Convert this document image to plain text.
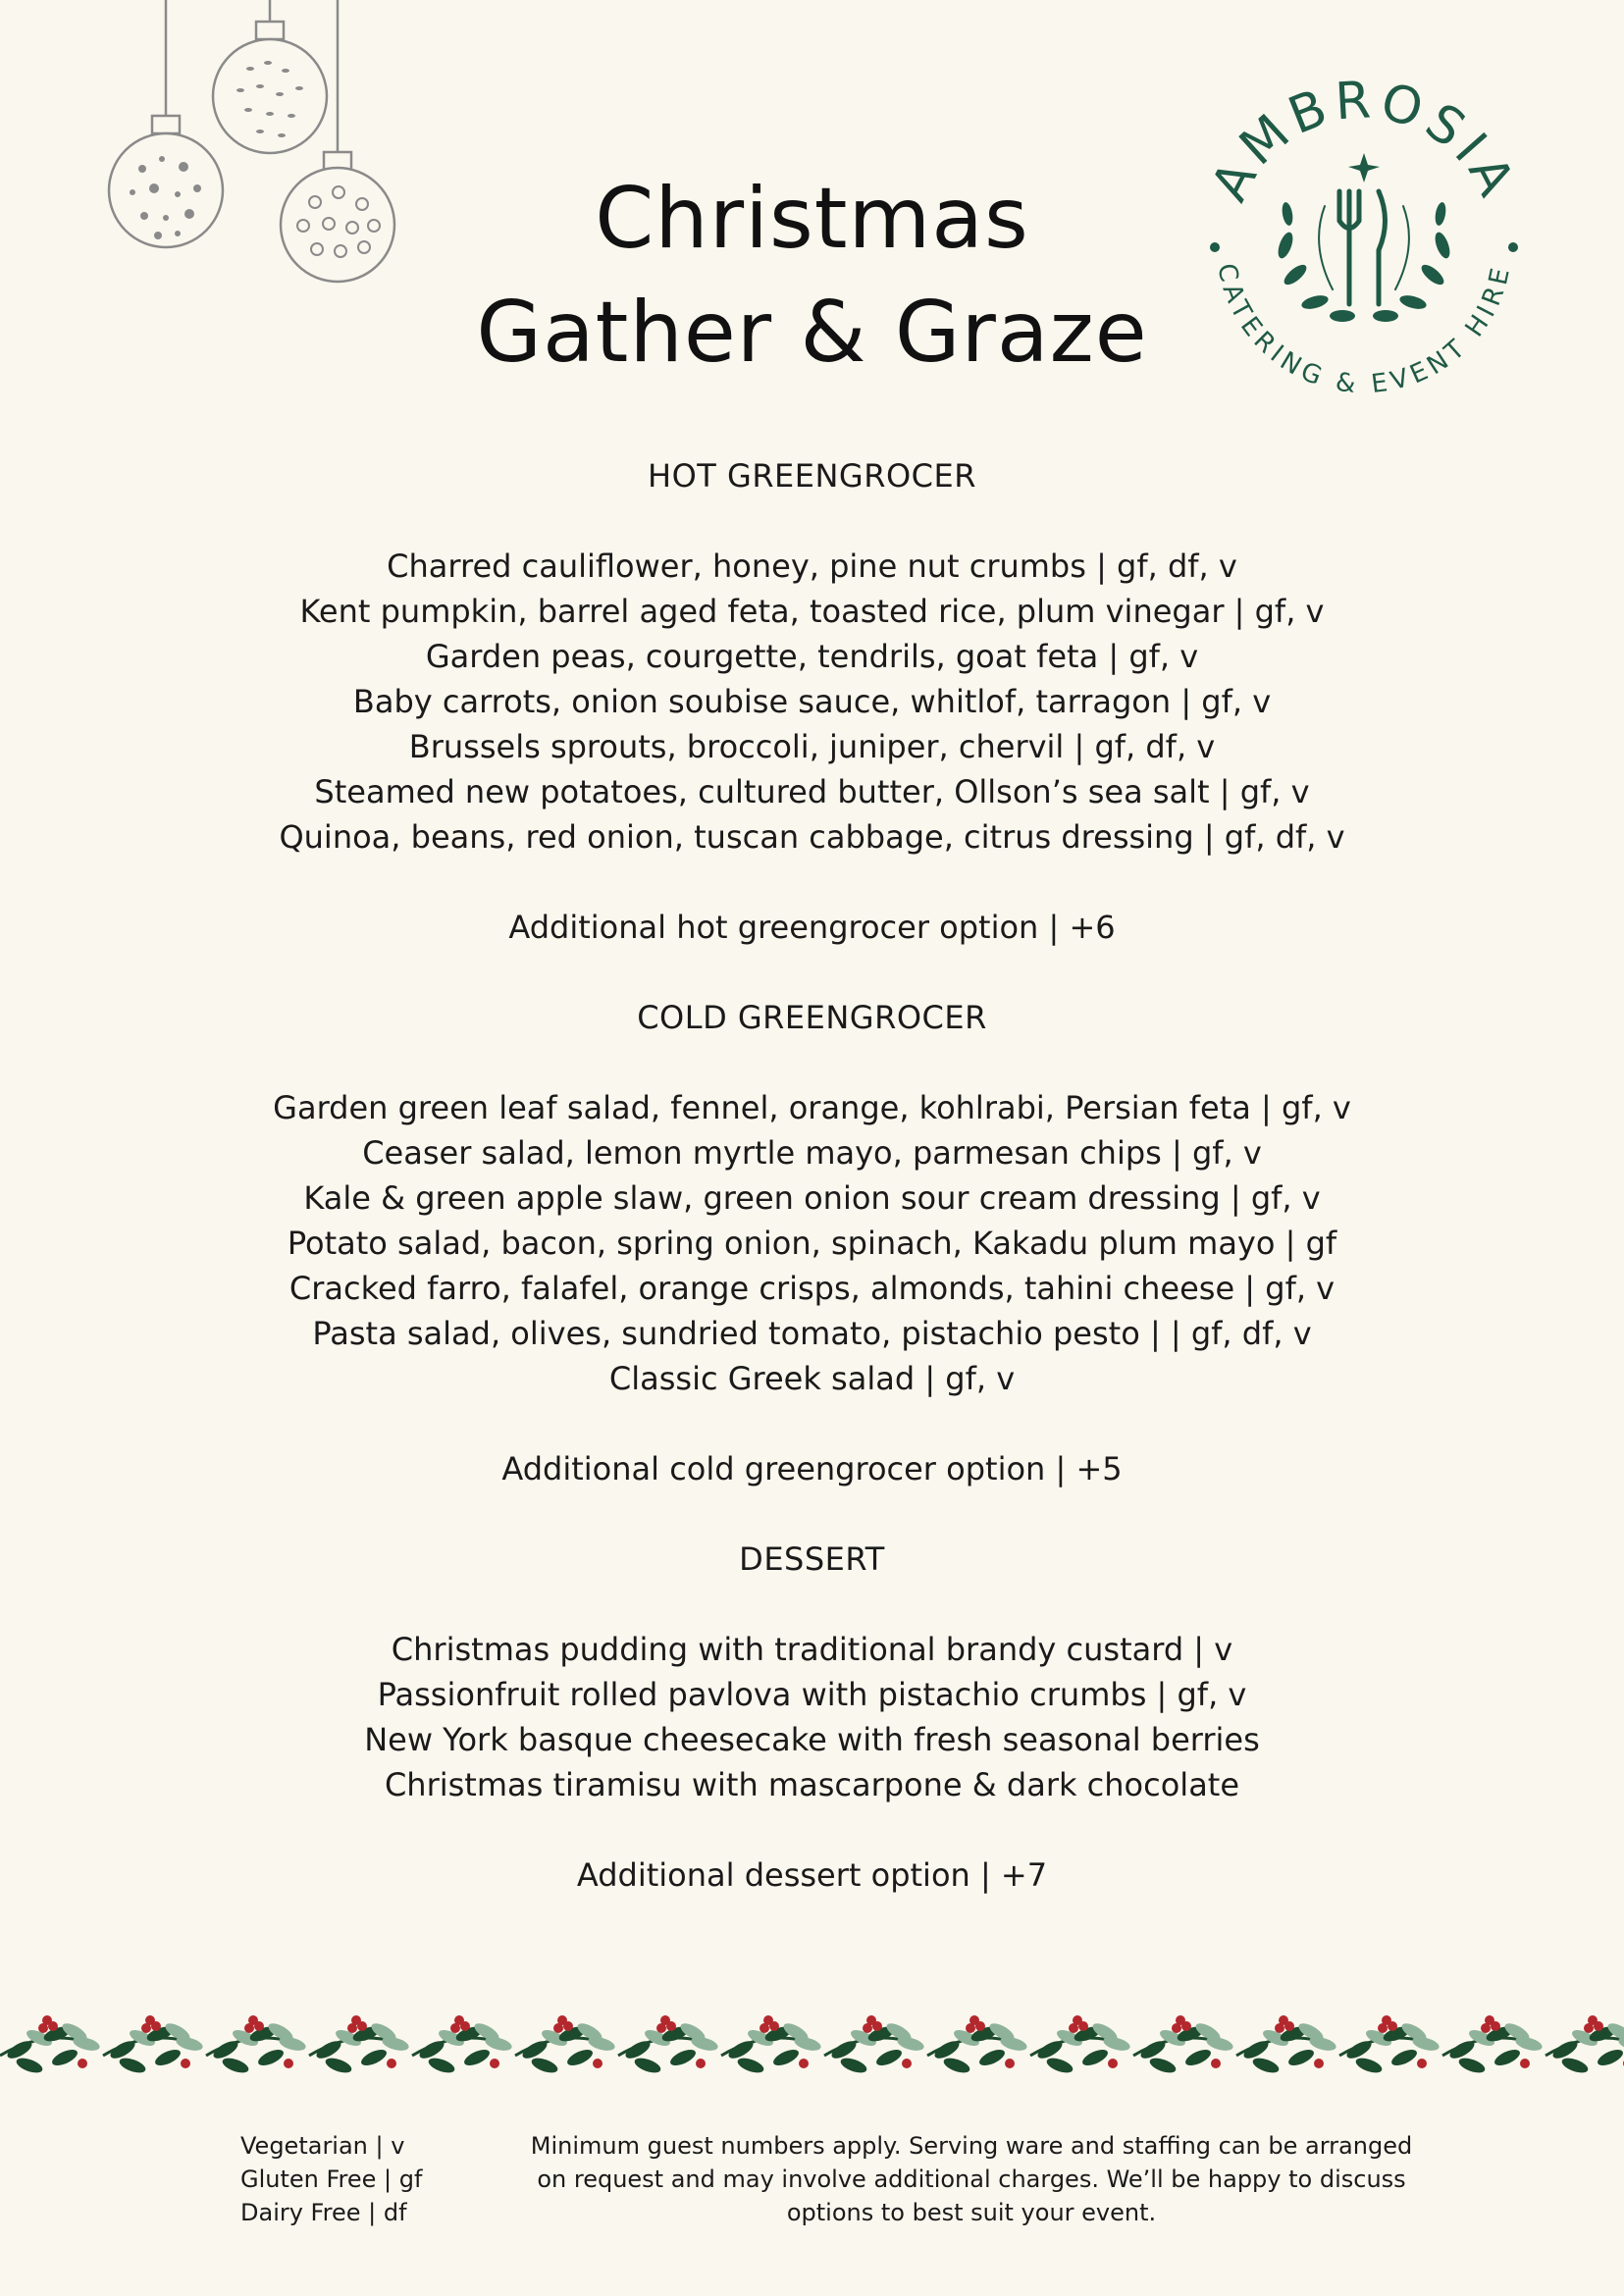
AMBROSIA
CATERING & EVENT HIRE
Christmas
Gather & Graze
HOT GREENGROCER
Charred cauliflower, honey, pine nut crumbs | gf, df, v
Kent pumpkin, barrel aged feta, toasted rice, plum vinegar | gf, v
Garden peas, courgette, tendrils, goat feta | gf, v
Baby carrots, onion soubise sauce, whitlof, tarragon | gf, v
Brussels sprouts, broccoli, juniper, chervil | gf, df, v
Steamed new potatoes, cultured butter, Ollson’s sea salt | gf, v
Quinoa, beans, red onion, tuscan cabbage, citrus dressing | gf, df, v
Additional hot greengrocer option | +6
COLD GREENGROCER
Garden green leaf salad, fennel, orange, kohlrabi, Persian feta | gf, v
Ceaser salad, lemon myrtle mayo, parmesan chips | gf, v
Kale & green apple slaw, green onion sour cream dressing | gf, v
Potato salad, bacon, spring onion, spinach, Kakadu plum mayo | gf
Cracked farro, falafel, orange crisps, almonds, tahini cheese | gf, v
Pasta salad, olives, sundried tomato, pistachio pesto | | gf, df, v
Classic Greek salad | gf, v
Additional cold greengrocer option | +5
DESSERT
Christmas pudding with traditional brandy custard | v
Passionfruit rolled pavlova with pistachio crumbs | gf, v
New York basque cheesecake with fresh seasonal berries
Christmas tiramisu with mascarpone & dark chocolate
Additional dessert option | +7
Vegetarian | v
Gluten Free | gf
Dairy Free | df
Minimum guest numbers apply. Serving ware and staffing can be arranged
on request and may involve additional charges. We’ll be happy to discuss
options to best suit your event.
